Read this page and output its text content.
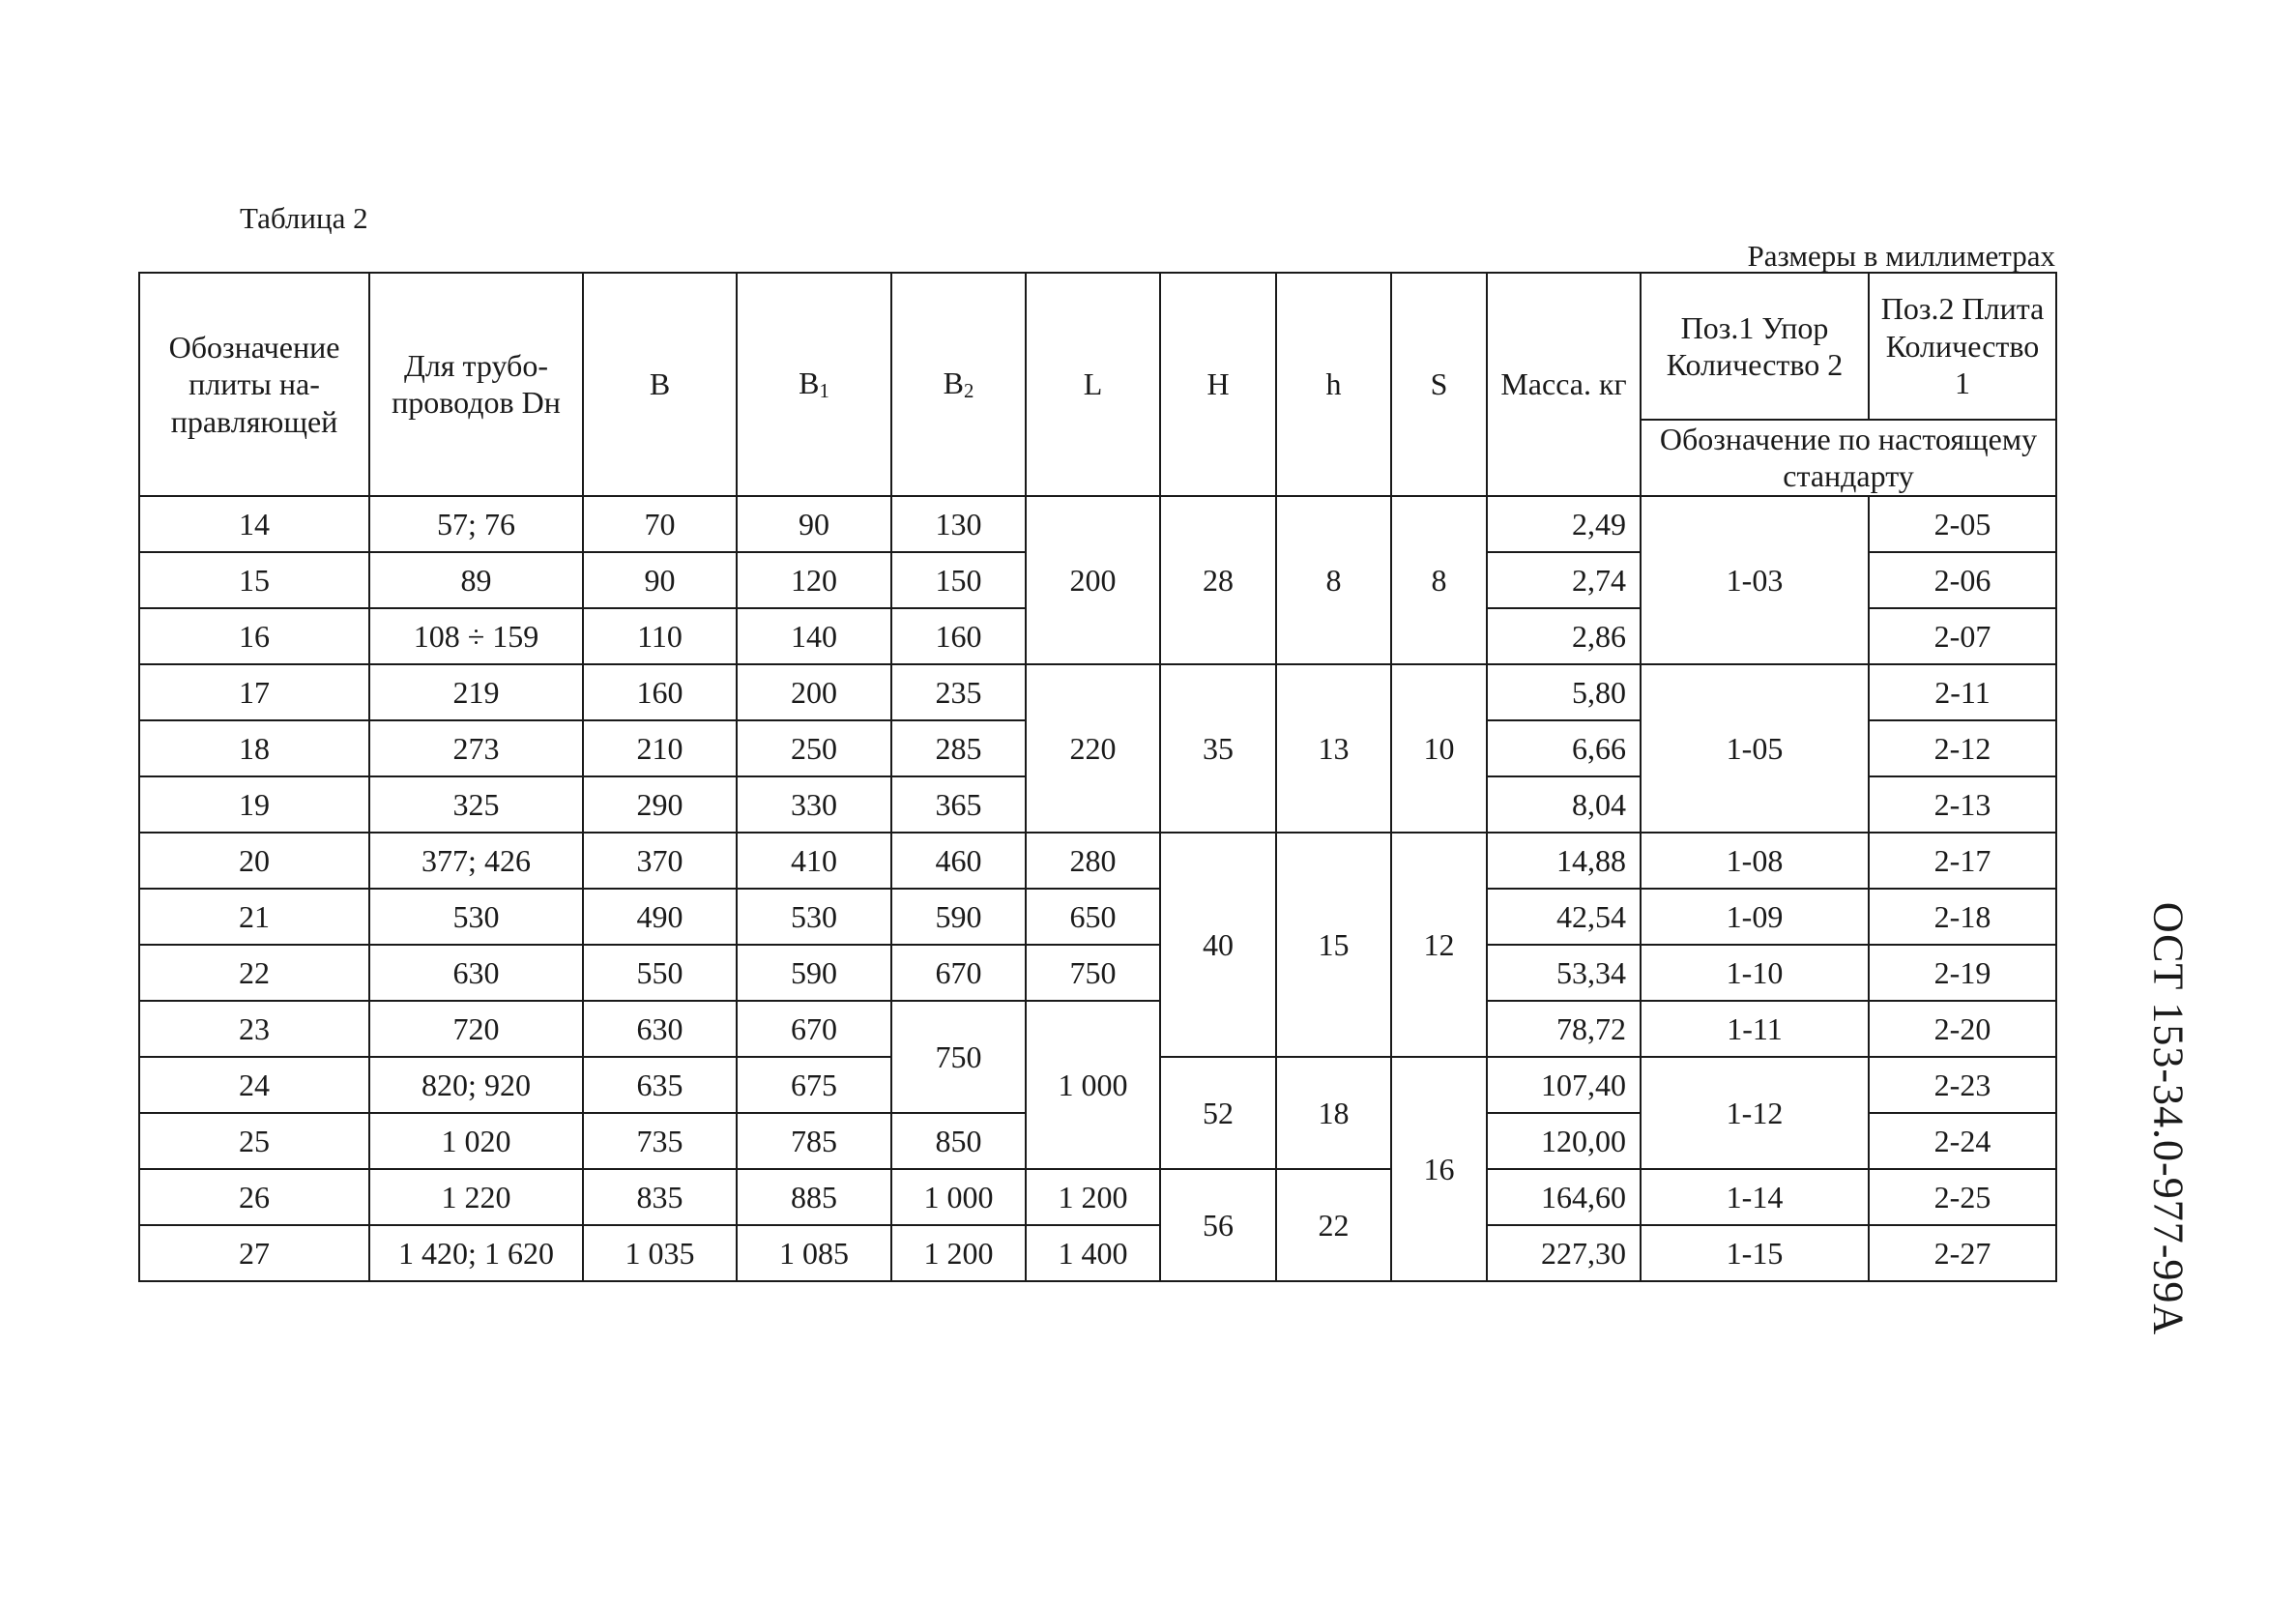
Таблица 2
Размеры в миллиметрах
ОСТ 153-34.0-977-99А
Обозначение плиты на-правляющей	Для трубо-проводов Dн	B	$B_1$	$B_2$	L	H	h	S	Масса. кг	Поз.1 Упор Количество 2	Поз.2 Плита Количество 1
										Обозначение по настоящему стандарту	
14	57; 76	70	90	130	200	28	8	8	2,49	1-03	2-05
15	89	90	120	150					2,74		2-06
16	108 ÷ 159	110	140	160					2,86		2-07
17	219	160	200	235	220	35	13	10	5,80	1-05	2-11
18	273	210	250	285					6,66		2-12
19	325	290	330	365					8,04		2-13
20	377; 426	370	410	460	280	40	15	12	14,88	1-08	2-17
21	530	490	530	590	650				42,54	1-09	2-18
22	630	550	590	670	750				53,34	1-10	2-19
23	720	630	670	750	1 000				78,72	1-11	2-20
24	820; 920	635	675			52	18	16	107,40	1-12	2-23
25	1 020	735	785	850					120,00		2-24
26	1 220	835	885	1 000	1 200	56	22		164,60	1-14	2-25
27	1 420; 1 620	1 035	1 085	1 200	1 400				227,30	1-15	2-27
